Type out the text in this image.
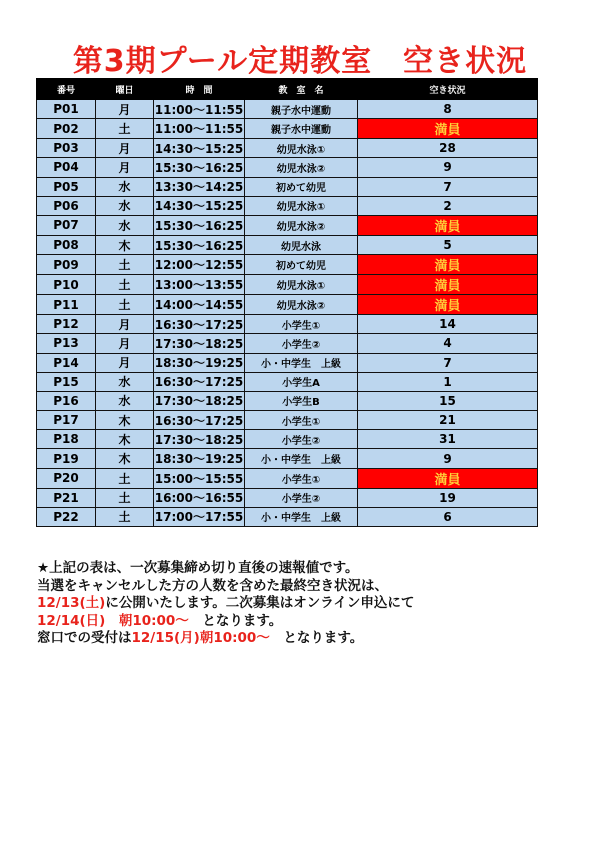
第3期プール定期教室　空き状況
番号	曜日	時　間	教　室　名	空き状況
P01	月	11:00～11:55	親子水中運動	8
P02	土	11:00～11:55	親子水中運動	満員
P03	月	14:30～15:25	幼児水泳①	28
P04	月	15:30～16:25	幼児水泳②	9
P05	水	13:30～14:25	初めて幼児	7
P06	水	14:30～15:25	幼児水泳①	2
P07	水	15:30～16:25	幼児水泳②	満員
P08	木	15:30～16:25	幼児水泳	5
P09	土	12:00～12:55	初めて幼児	満員
P10	土	13:00～13:55	幼児水泳①	満員
P11	土	14:00～14:55	幼児水泳②	満員
P12	月	16:30～17:25	小学生①	14
P13	月	17:30～18:25	小学生②	4
P14	月	18:30～19:25	小・中学生　上級	7
P15	水	16:30～17:25	小学生A	1
P16	水	17:30～18:25	小学生B	15
P17	木	16:30～17:25	小学生①	21
P18	木	17:30～18:25	小学生②	31
P19	木	18:30～19:25	小・中学生　上級	9
P20	土	15:00～15:55	小学生①	満員
P21	土	16:00～16:55	小学生②	19
P22	土	17:00～17:55	小・中学生　上級	6
★上記の表は、一次募集締め切り直後の速報値です。
当選をキャンセルした方の人数を含めた最終空き状況は、
12/13(土)に公開いたします。二次募集はオンライン申込にて
12/14(日)　朝10:00～　となります。
窓口での受付は12/15(月)朝10:00～　となります。
